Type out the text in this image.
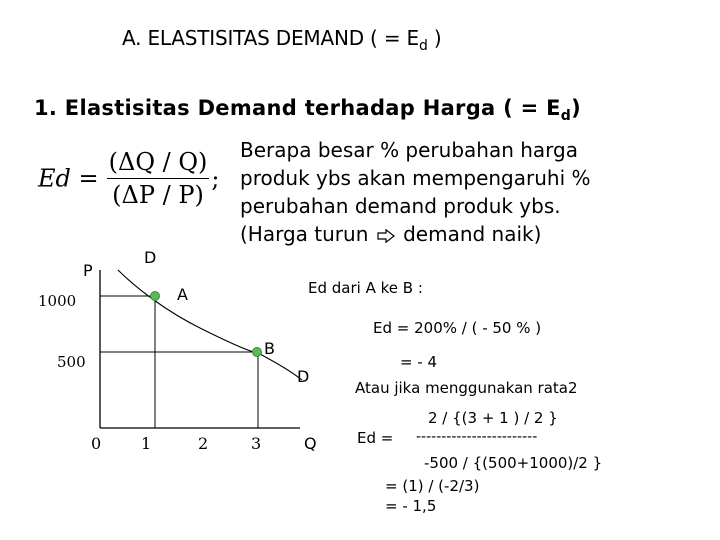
A. ELASTISITAS DEMAND ( = $E_d$ )
1. Elastisitas Demand terhadap Harga ( = $E_d$)
$Ed = \frac{(\Delta Q / Q)}{(\Delta P / P)}$ ;
Berapa besar % perubahan harga
produk ybs akan mempengaruhi %
perubahan demand produk ybs.
(Harga turun demand naik)
P
D
D
A
B
1000
500
0 1	2	3	Q
Ed dari A ke B :
Ed = 200% / ( - 50 % )
= - 4
Atau jika menggunakan rata2
2 / {(3 + 1 ) / 2 }
Ed = ------------------------
-500 / {(500+1000)/2 }
= (1) / (-2/3)
= - 1,5
